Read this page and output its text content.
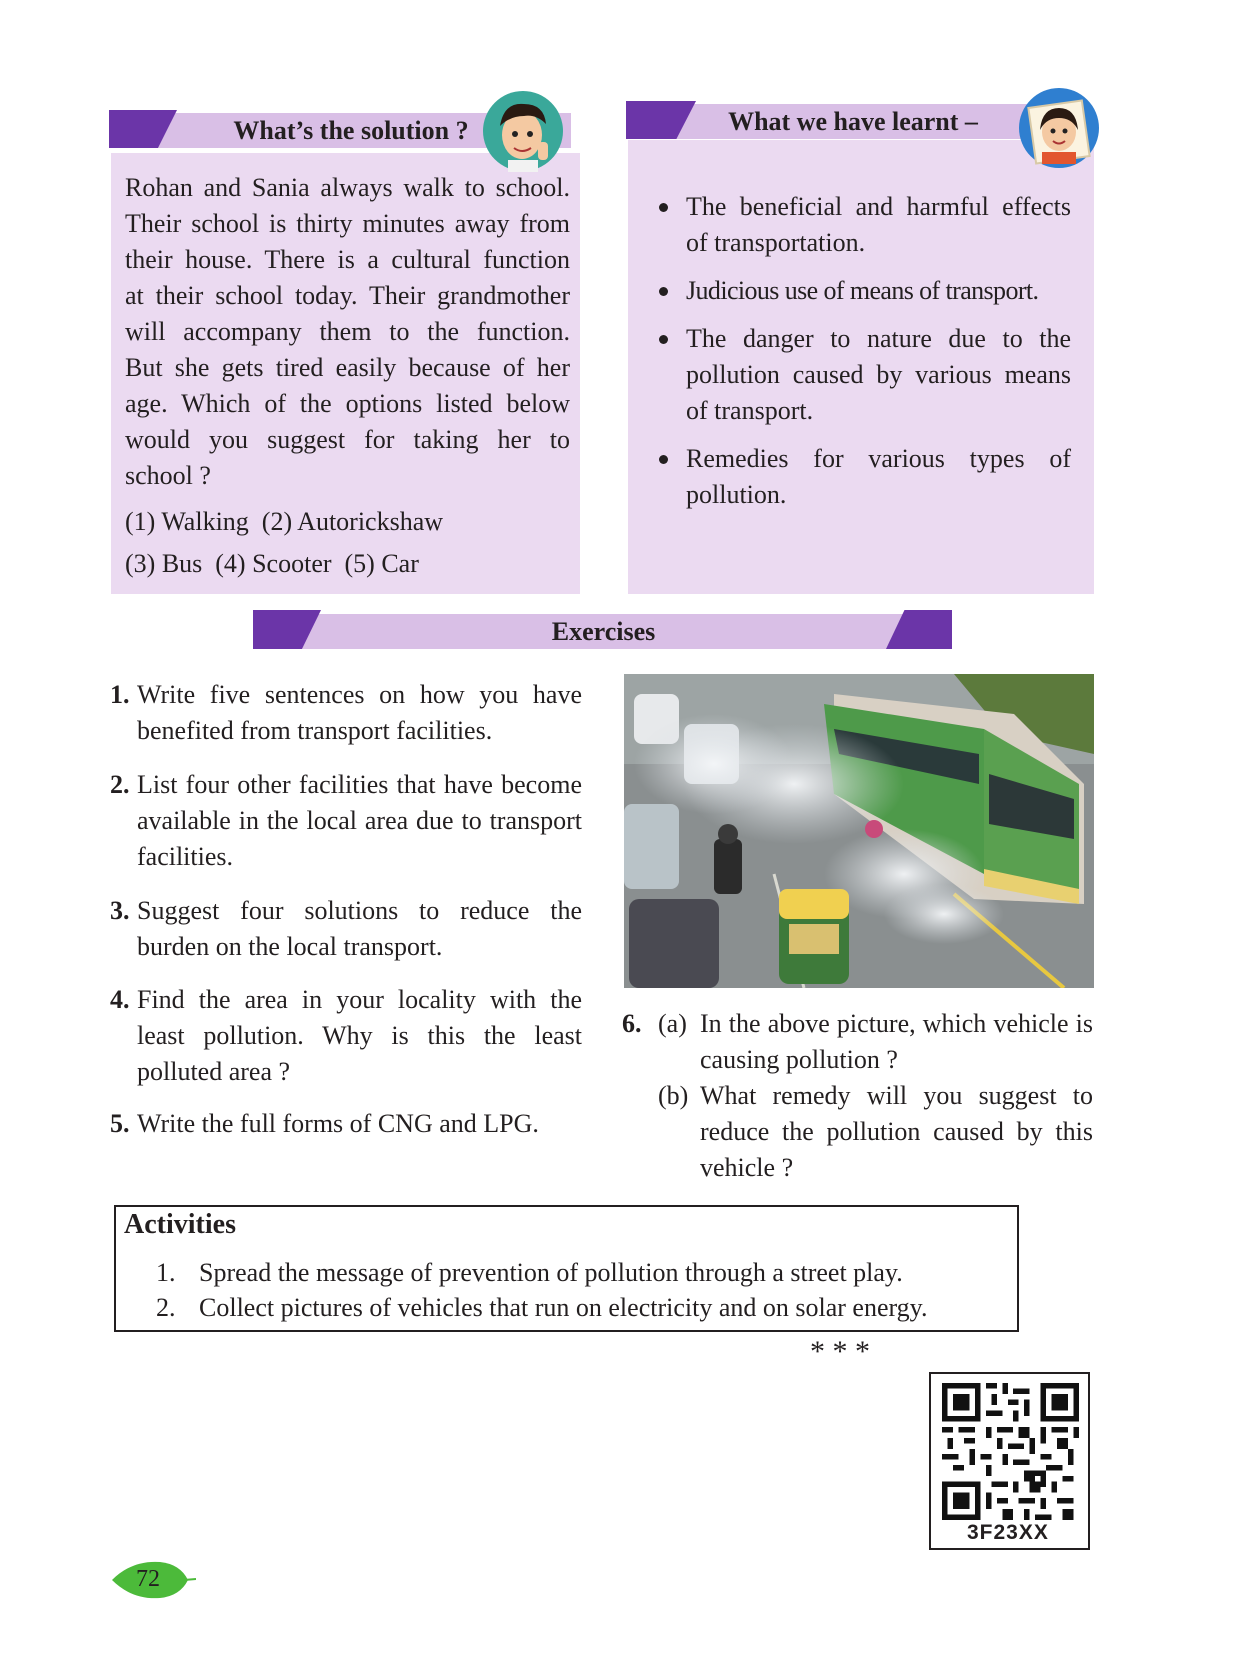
What’s the solution ?

Rohan and Sania always walk to school.

Their school is thirty minutes away from

their house. There is a cultural function

at their school today. Their grandmother

will accompany them to the function.

But she gets tired easily because of her

age. Which of the options listed below

would you suggest for taking her to

school ?

(1) Walking  (2) Autorickshaw

(3) Bus  (4) Scooter  (5) Car

What we have learnt –
The beneficial and harmful effects of transportation.
Judicious use of means of transport.
The danger to nature due to the pollution caused by various means of transport.
Remedies for various types of pollution.
Exercises
1. Write five sentences on how you have benefited from transport facilities.
2. List four other facilities that have become available in the local area due to transport facilities.
3. Suggest four solutions to reduce the burden on the local transport.
4. Find the area in your locality with the least pollution. Why is this the least polluted area ?
5. Write the full forms of CNG and LPG.
6. (a) In the above picture, which vehicle is causing pollution ?
(b) What remedy will you suggest to reduce the pollution caused by this vehicle ?
Activities
1. Spread the message of prevention of pollution through a street play.
2. Collect pictures of vehicles that run on electricity and on solar energy.
* * *
3F23XX
72
